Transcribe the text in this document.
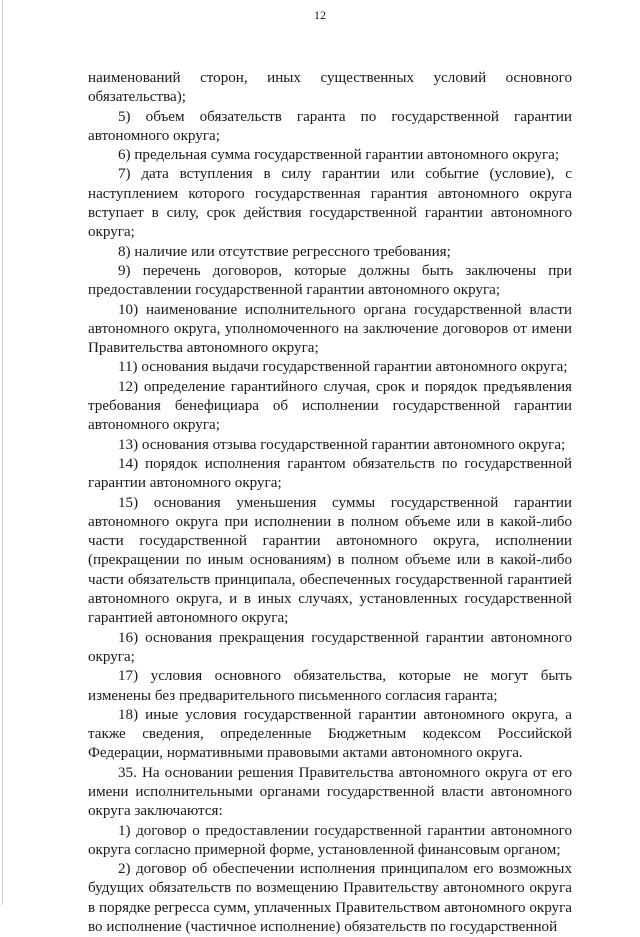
12

наименований сторон, иных существенных условий основного обязательства);

5) объем обязательств гаранта по государственной гарантии автономного округа;

6) предельная сумма государственной гарантии автономного округа;

7) дата вступления в силу гарантии или событие (условие), с наступлением которого государственная гарантия автономного округа вступает в силу, срок действия государственной гарантии автономного округа;

8) наличие или отсутствие регрессного требования;

9) перечень договоров, которые должны быть заключены при предоставлении государственной гарантии автономного округа;

10) наименование исполнительного органа государственной власти автономного округа, уполномоченного на заключение договоров от имени Правительства автономного округа;

11) основания выдачи государственной гарантии автономного округа;

12) определение гарантийного случая, срок и порядок предъявления требования бенефициара об исполнении государственной гарантии автономного округа;

13) основания отзыва государственной гарантии автономного округа;

14) порядок исполнения гарантом обязательств по государственной гарантии автономного округа;

15) основания уменьшения суммы государственной гарантии автономного округа при исполнении в полном объеме или в какой-либо части государственной гарантии автономного округа, исполнении (прекращении по иным основаниям) в полном объеме или в какой-либо части обязательств принципала, обеспеченных государственной гарантией автономного округа, и в иных случаях, установленных государственной гарантией автономного округа;

16) основания прекращения государственной гарантии автономного округа;

17) условия основного обязательства, которые не могут быть изменены без предварительного письменного согласия гаранта;

18) иные условия государственной гарантии автономного округа, а также сведения, определенные Бюджетным кодексом Российской Федерации, нормативными правовыми актами автономного округа.

35. На основании решения Правительства автономного округа от его имени исполнительными органами государственной власти автономного округа заключаются:

1) договор о предоставлении государственной гарантии автономного округа согласно примерной форме, установленной финансовым органом;

2) договор об обеспечении исполнения принципалом его возможных будущих обязательств по возмещению Правительству автономного округа в порядке регресса сумм, уплаченных Правительством автономного округа во исполнение (частичное исполнение) обязательств по государственной
